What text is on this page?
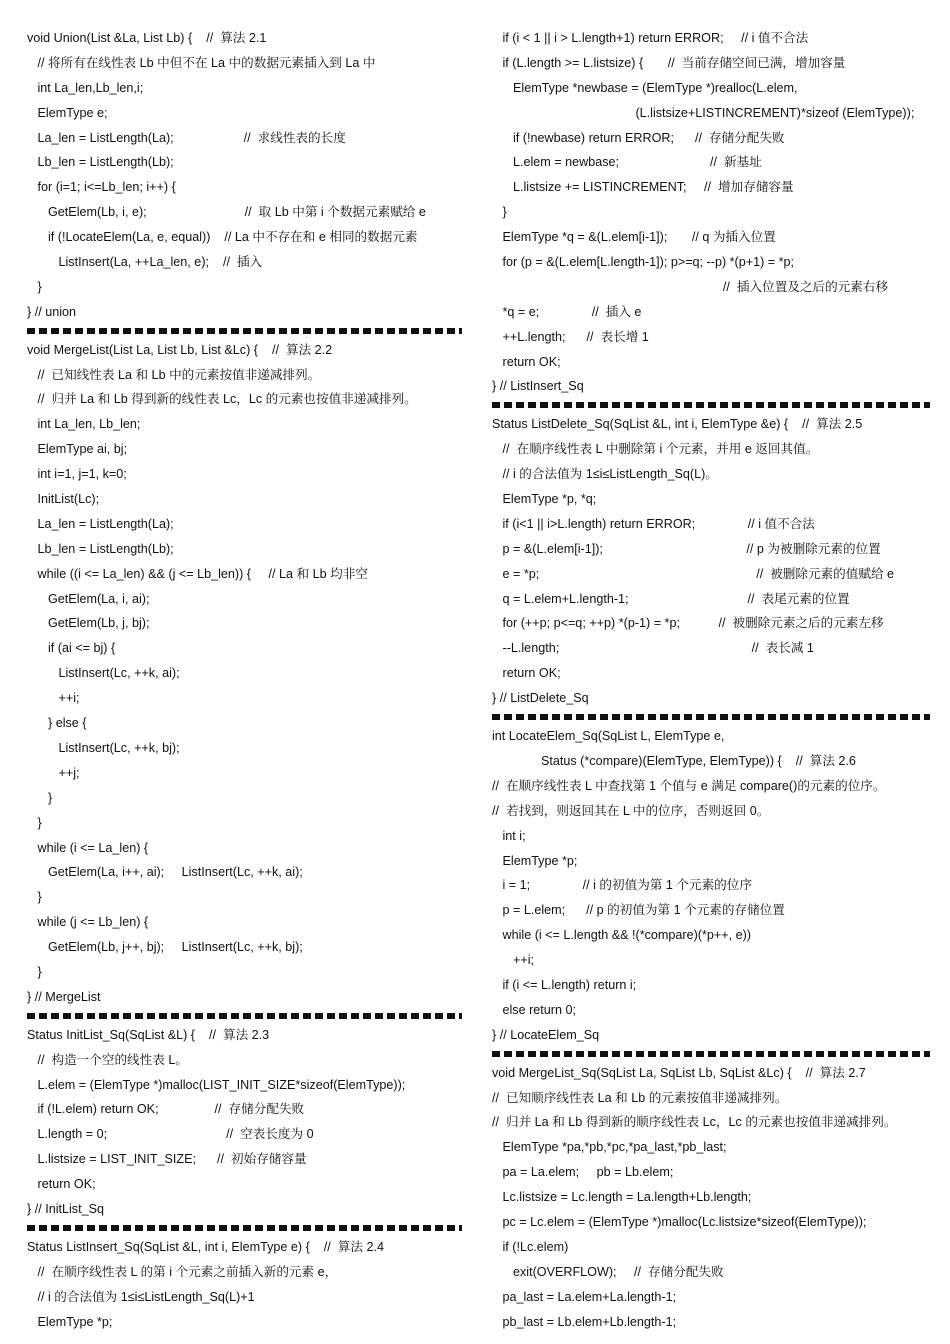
void Union(List &La, List Lb) {    //  算法 2.1
// 将所有在线性表 Lb 中但不在 La 中的数据元素插入到 La 中
int La_len,Lb_len,i;
ElemType e;
La_len = ListLength(La);                    //  求线性表的长度
Lb_len = ListLength(Lb);
for (i=1; i<=Lb_len; i++) {
GetElem(Lb, i, e);                            //  取 Lb 中第 i 个数据元素赋给 e
if (!LocateElem(La, e, equal))    // La 中不存在和 e 相同的数据元素
ListInsert(La, ++La_len, e);    //  插入
}
} // union
void MergeList(List La, List Lb, List &Lc) {    //  算法 2.2
//  已知线性表 La 和 Lb 中的元素按值非递减排列。
//  归并 La 和 Lb 得到新的线性表 Lc，Lc 的元素也按值非递减排列。
int La_len, Lb_len;
ElemType ai, bj;
int i=1, j=1, k=0;
InitList(Lc);
La_len = ListLength(La);
Lb_len = ListLength(Lb);
while ((i <= La_len) && (j <= Lb_len)) {     // La 和 Lb 均非空
GetElem(La, i, ai);
GetElem(Lb, j, bj);
if (ai <= bj) {
ListInsert(Lc, ++k, ai);
++i;
} else {
ListInsert(Lc, ++k, bj);
++j;
}
}
while (i <= La_len) {
GetElem(La, i++, ai);     ListInsert(Lc, ++k, ai);
}
while (j <= Lb_len) {
GetElem(Lb, j++, bj);     ListInsert(Lc, ++k, bj);
}
} // MergeList
Status InitList_Sq(SqList &L) {    //  算法 2.3
//  构造一个空的线性表 L。
L.elem = (ElemType *)malloc(LIST_INIT_SIZE*sizeof(ElemType));
if (!L.elem) return OK;                //  存储分配失败
L.length = 0;                                  //  空表长度为 0
L.listsize = LIST_INIT_SIZE;      //  初始存储容量
return OK;
} // InitList_Sq
Status ListInsert_Sq(SqList &L, int i, ElemType e) {    //  算法 2.4
//  在顺序线性表 L 的第 i 个元素之前插入新的元素 e，
// i 的合法值为 1≤i≤ListLength_Sq(L)+1
ElemType *p;
if (i < 1 || i > L.length+1) return ERROR;     // i 值不合法
if (L.length >= L.listsize) {       //  当前存储空间已满，增加容量
ElemType *newbase = (ElemType *)realloc(L.elem,
(L.listsize+LISTINCREMENT)*sizeof (ElemType));
if (!newbase) return ERROR;      //  存储分配失败
L.elem = newbase;                          //  新基址
L.listsize += LISTINCREMENT;     //  增加存储容量
}
ElemType *q = &(L.elem[i-1]);       // q 为插入位置
for (p = &(L.elem[L.length-1]); p>=q; --p) *(p+1) = *p;
//  插入位置及之后的元素右移
*q = e;               //  插入 e
++L.length;      //  表长增 1
return OK;
} // ListInsert_Sq
Status ListDelete_Sq(SqList &L, int i, ElemType &e) {    //  算法 2.5
//  在顺序线性表 L 中删除第 i 个元素，并用 e 返回其值。
// i 的合法值为 1≤i≤ListLength_Sq(L)。
ElemType *p, *q;
if (i<1 || i>L.length) return ERROR;               // i 值不合法
p = &(L.elem[i-1]);                                         // p 为被删除元素的位置
e = *p;                                                              //  被删除元素的值赋给 e
q = L.elem+L.length-1;                                  //  表尾元素的位置
for (++p; p<=q; ++p) *(p-1) = *p;           //  被删除元素之后的元素左移
--L.length;                                                       //  表长减 1
return OK;
} // ListDelete_Sq
int LocateElem_Sq(SqList L, ElemType e,
Status (*compare)(ElemType, ElemType)) {    //  算法 2.6
//  在顺序线性表 L 中查找第 1 个值与 e 满足 compare()的元素的位序。
//  若找到，则返回其在 L 中的位序，否则返回 0。
int i;
ElemType *p;
i = 1;               // i 的初值为第 1 个元素的位序
p = L.elem;      // p 的初值为第 1 个元素的存储位置
while (i <= L.length && !(*compare)(*p++, e))
++i;
if (i <= L.length) return i;
else return 0;
} // LocateElem_Sq
void MergeList_Sq(SqList La, SqList Lb, SqList &Lc) {    //  算法 2.7
//  已知顺序线性表 La 和 Lb 的元素按值非递减排列。
//  归并 La 和 Lb 得到新的顺序线性表 Lc，Lc 的元素也按值非递减排列。
ElemType *pa,*pb,*pc,*pa_last,*pb_last;
pa = La.elem;     pb = Lb.elem;
Lc.listsize = Lc.length = La.length+Lb.length;
pc = Lc.elem = (ElemType *)malloc(Lc.listsize*sizeof(ElemType));
if (!Lc.elem)
exit(OVERFLOW);     //  存储分配失败
pa_last = La.elem+La.length-1;
pb_last = Lb.elem+Lb.length-1;
